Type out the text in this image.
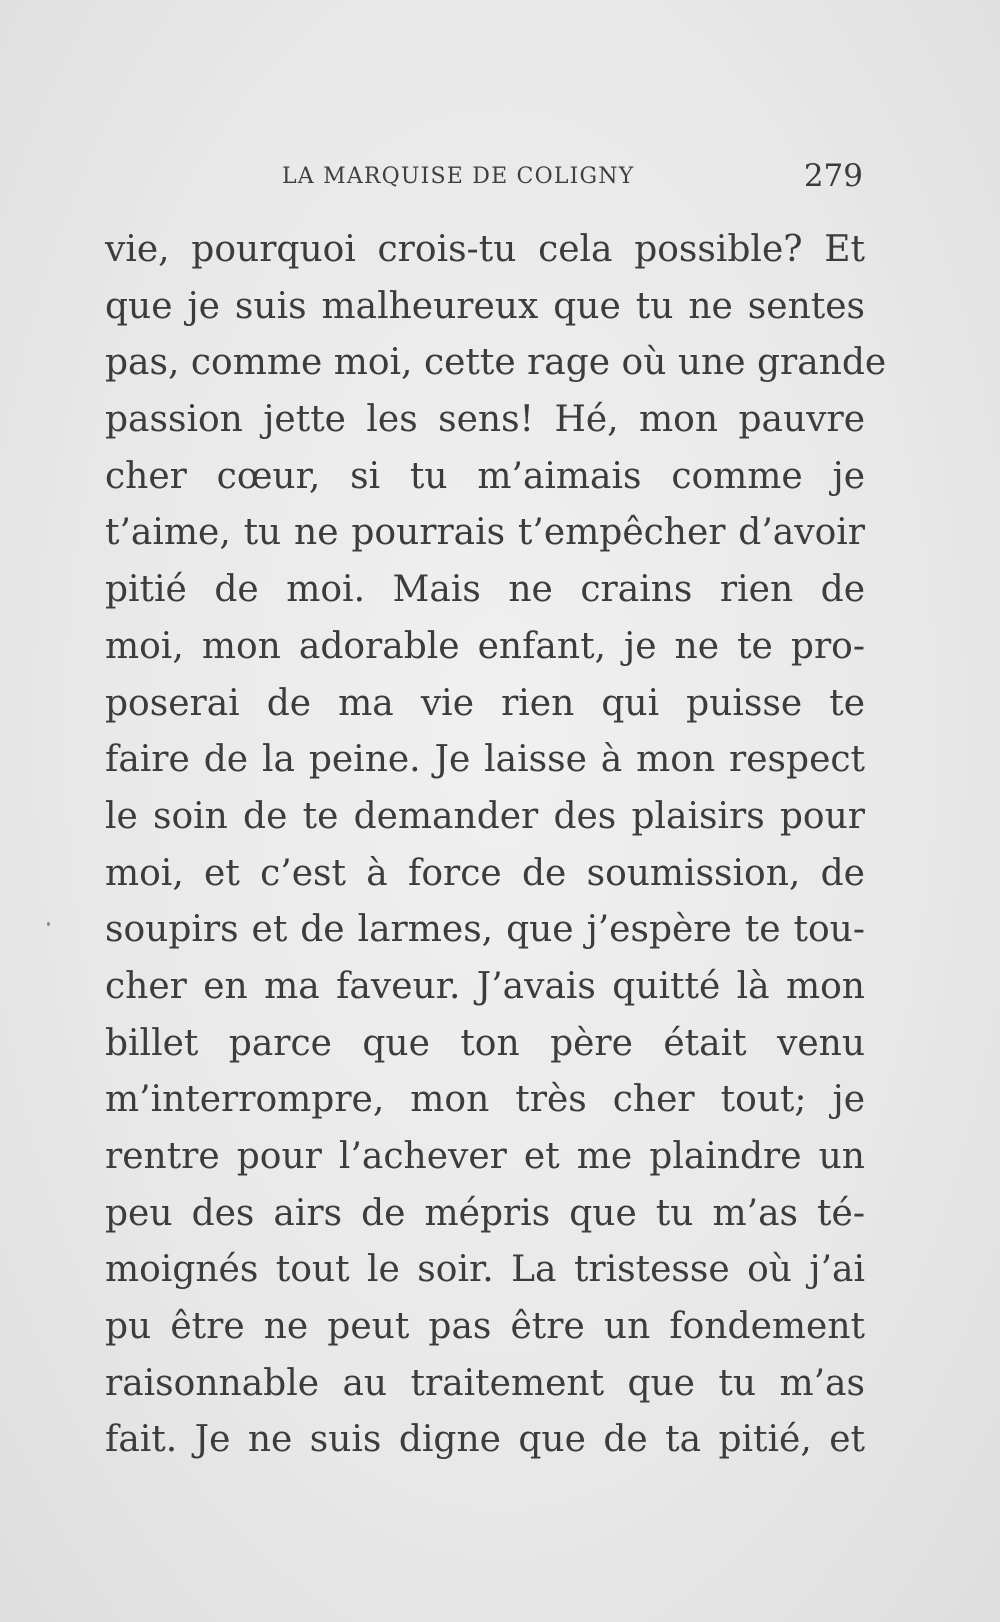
LA MARQUISE DE COLIGNY	279
vie, pourquoi crois-tu cela possible? Et
que je suis malheureux que tu ne sentes
pas, comme moi, cette rage où une grande
passion jette les sens! Hé, mon pauvre
cher cœur, si tu m’aimais comme je
t’aime, tu ne pourrais t’empêcher d’avoir
pitié de moi. Mais ne crains rien de
moi, mon adorable enfant, je ne te pro-
poserai de ma vie rien qui puisse te
faire de la peine. Je laisse à mon respect
le soin de te demander des plaisirs pour
moi, et c’est à force de soumission, de
soupirs et de larmes, que j’espère te tou-
cher en ma faveur. J’avais quitté là mon
billet parce que ton père était venu
m’interrompre, mon très cher tout; je
rentre pour l’achever et me plaindre un
peu des airs de mépris que tu m’as té-
moignés tout le soir. La tristesse où j’ai
pu être ne peut pas être un fondement
raisonnable au traitement que tu m’as
fait. Je ne suis digne que de ta pitié, et
